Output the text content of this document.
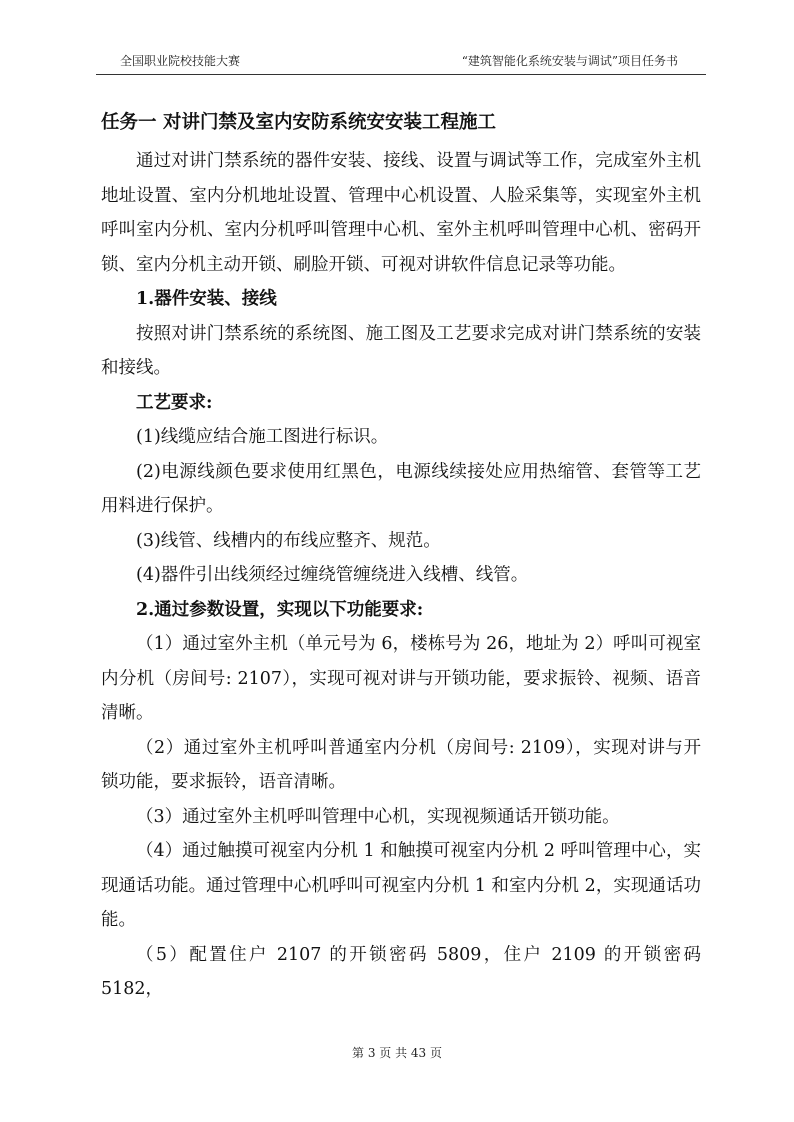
全国职业院校技能大赛	“建筑智能化系统安装与调试”项目任务书
任务一 对讲门禁及室内安防系统安安装工程施工

通过对讲门禁系统的器件安装、接线、设置与调试等工作，完成室外主机地址设置、室内分机地址设置、管理中心机设置、人脸采集等，实现室外主机呼叫室内分机、室内分机呼叫管理中心机、室外主机呼叫管理中心机、密码开锁、室内分机主动开锁、刷脸开锁、可视对讲软件信息记录等功能。

1.器件安装、接线

按照对讲门禁系统的系统图、施工图及工艺要求完成对讲门禁系统的安装和接线。

工艺要求:

(1)线缆应结合施工图进行标识。

(2)电源线颜色要求使用红黑色，电源线续接处应用热缩管、套管等工艺用料进行保护。

(3)线管、线槽内的布线应整齐、规范。

(4)器件引出线须经过缠绕管缠绕进入线槽、线管。

2.通过参数设置，实现以下功能要求:

（1）通过室外主机（单元号为 6，楼栋号为 26，地址为 2）呼叫可视室内分机（房间号: 2107），实现可视对讲与开锁功能，要求振铃、视频、语音清晰。

（2）通过室外主机呼叫普通室内分机（房间号: 2109），实现对讲与开锁功能，要求振铃，语音清晰。

（3）通过室外主机呼叫管理中心机，实现视频通话开锁功能。

（4）通过触摸可视室内分机 1 和触摸可视室内分机 2 呼叫管理中心，实现通话功能。通过管理中心机呼叫可视室内分机 1 和室内分机 2，实现通话功能。

（5）配置住户 2107 的开锁密码 5809，住户 2109 的开锁密码 5182，

第 3 页 共 43 页
